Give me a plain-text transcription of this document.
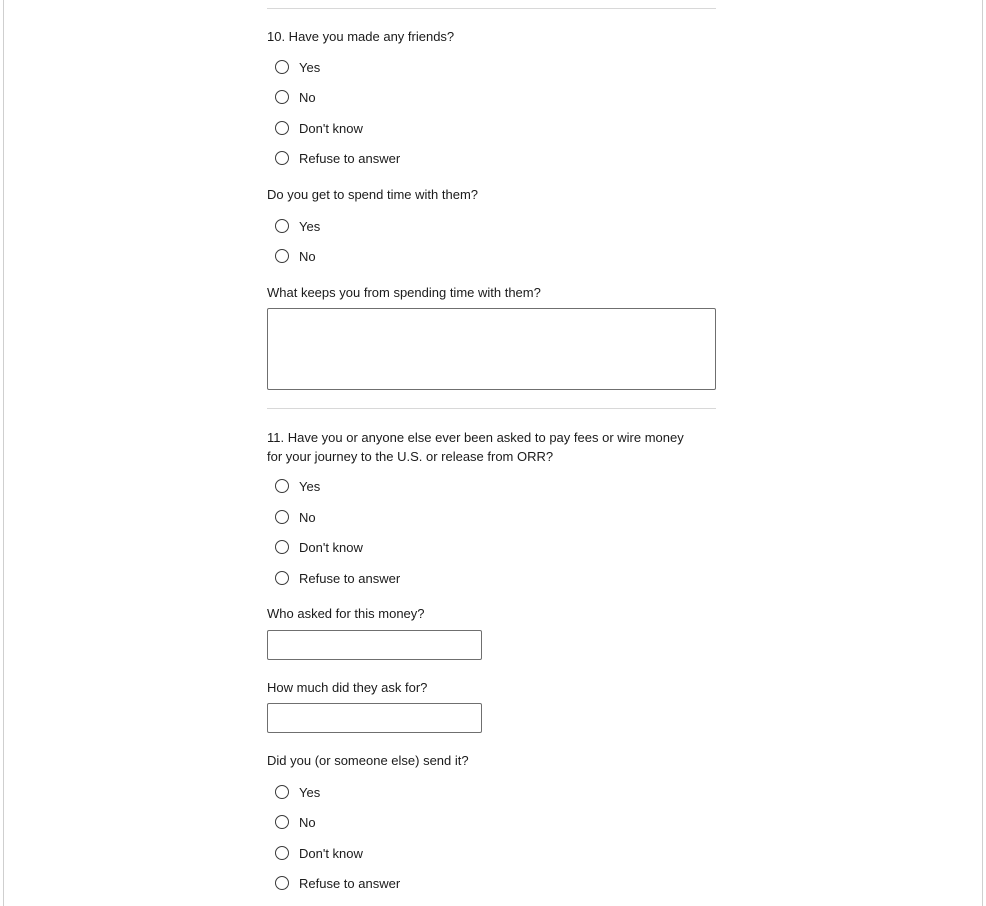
10. Have you made any friends?
Yes
No
Don't know
Refuse to answer
Do you get to spend time with them?
Yes
No
What keeps you from spending time with them?
11. Have you or anyone else ever been asked to pay fees or wire money
for your journey to the U.S. or release from ORR?
Yes
No
Don't know
Refuse to answer
Who asked for this money?
How much did they ask for?
Did you (or someone else) send it?
Yes
No
Don't know
Refuse to answer
